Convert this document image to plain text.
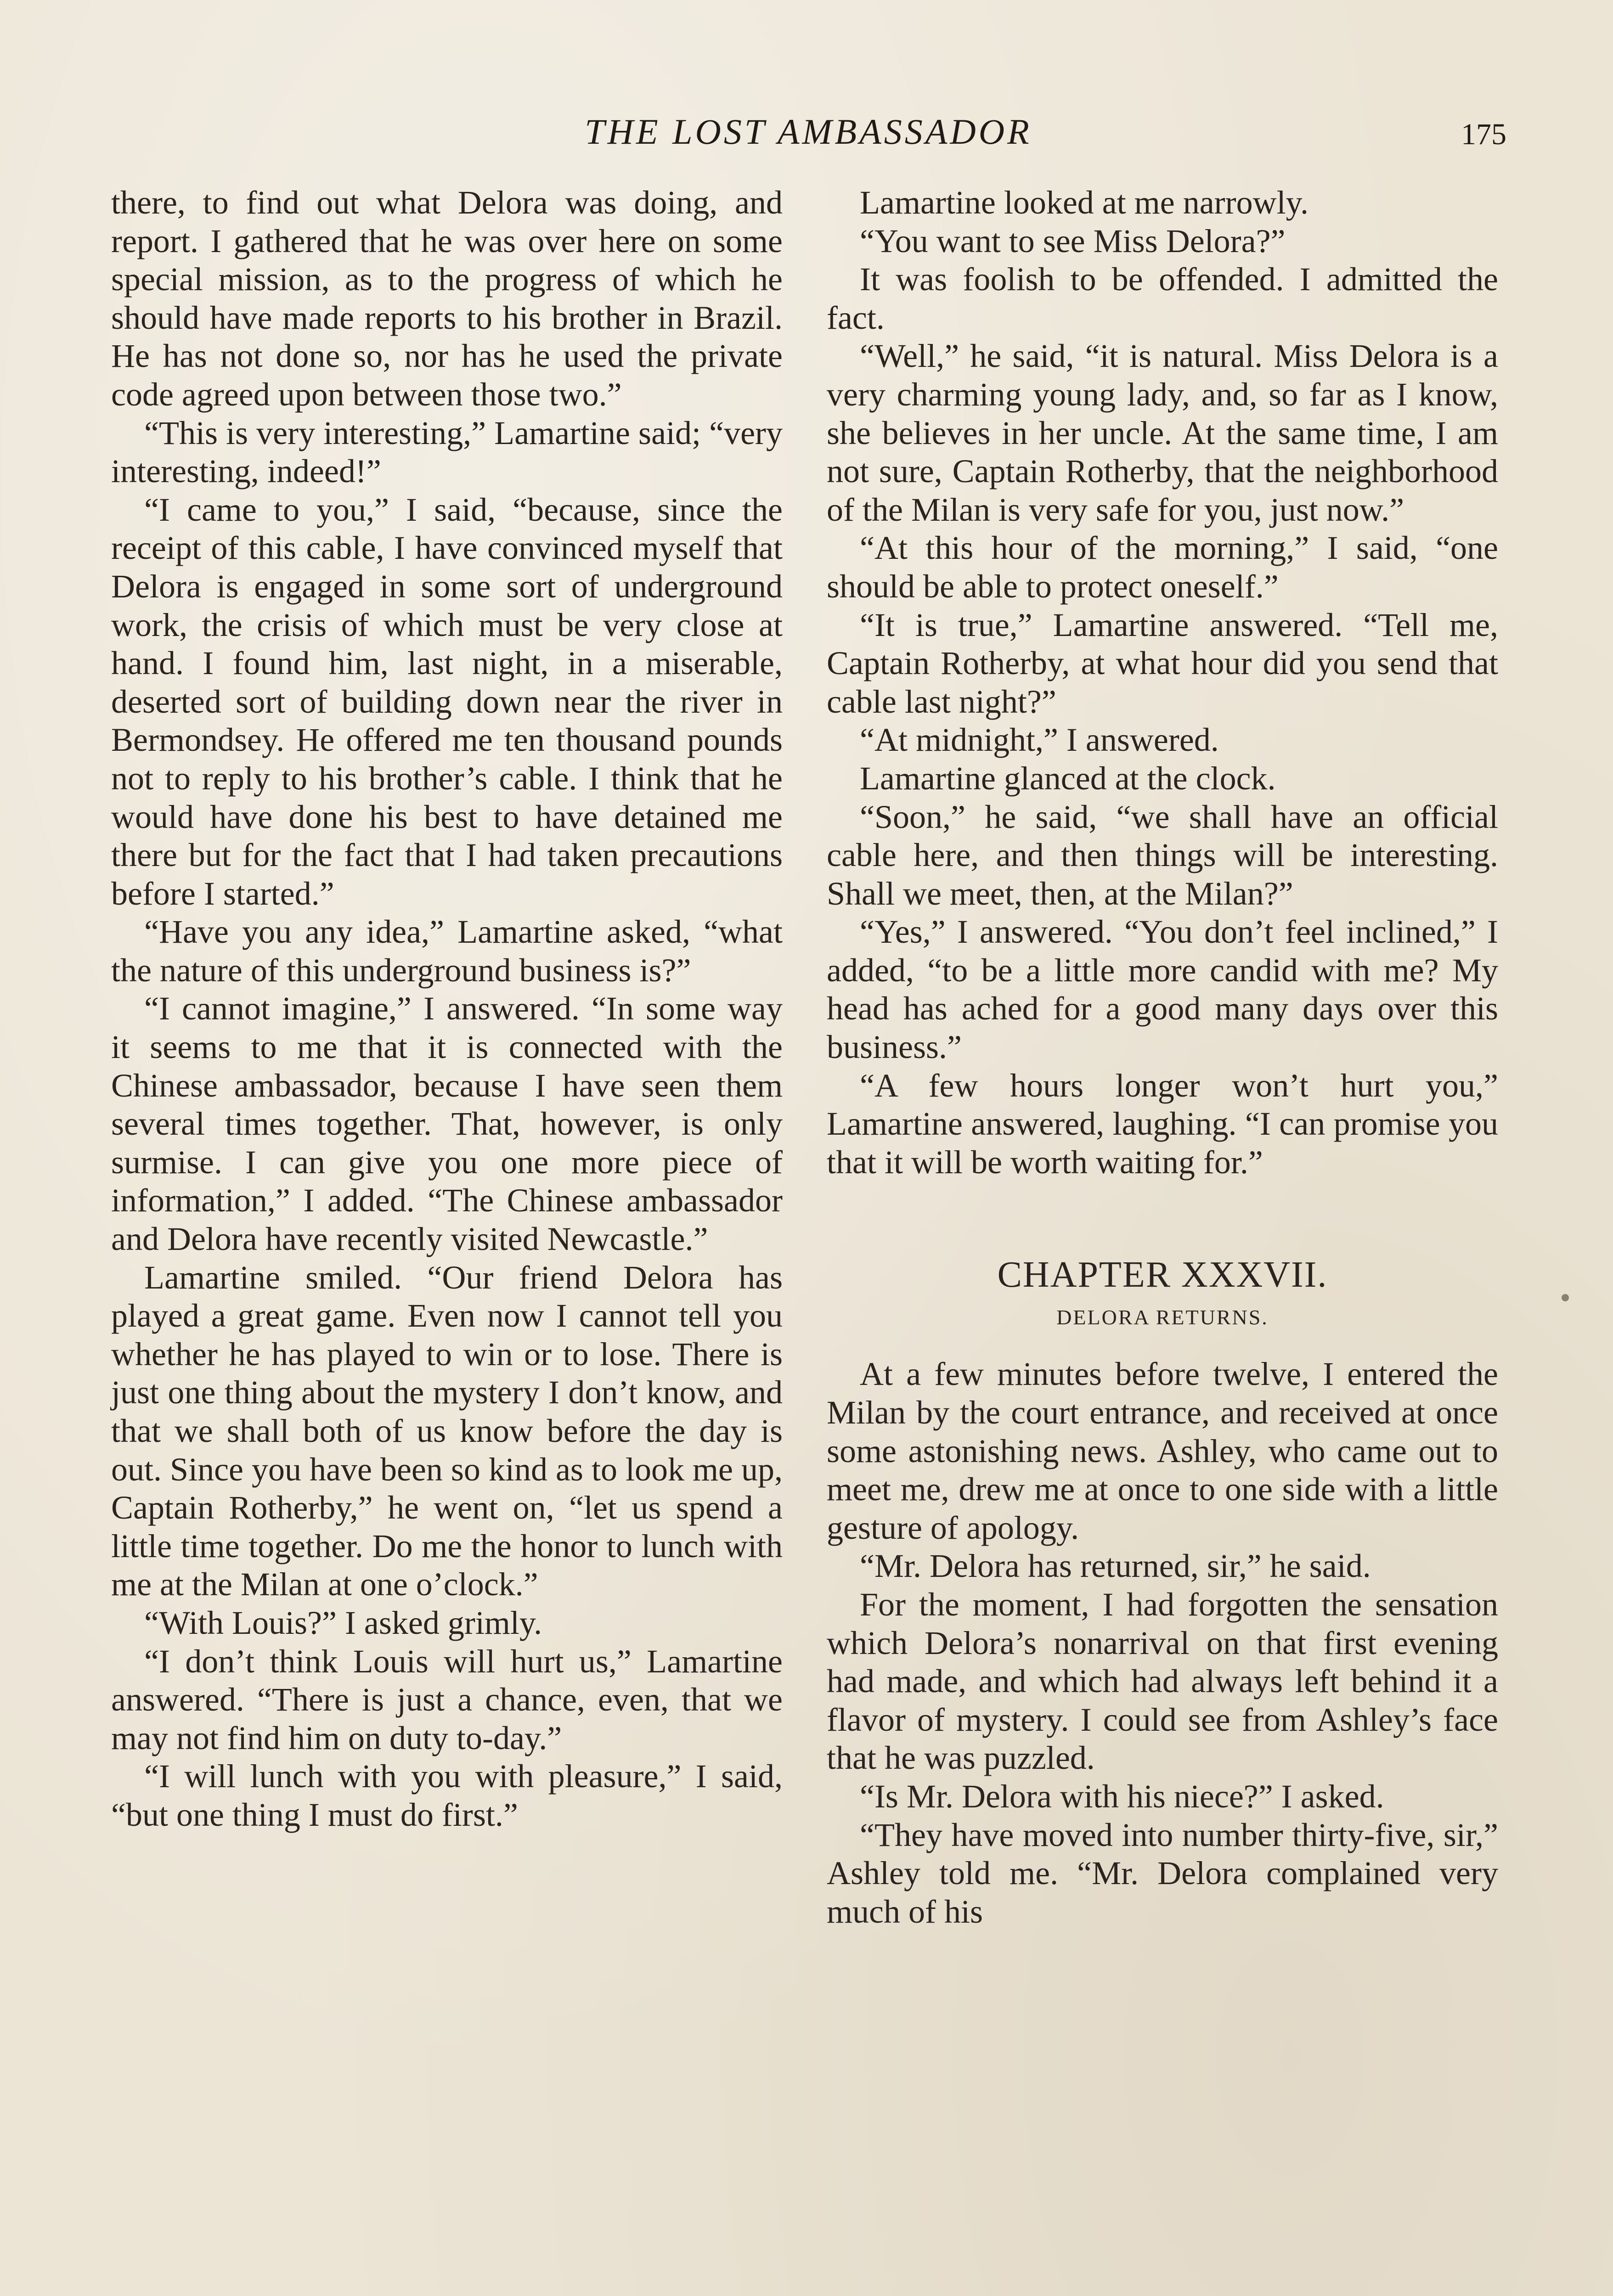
THE LOST AMBASSADOR	175

there, to find out what Delora was doing, and report. I gathered that he was over here on some special mission, as to the progress of which he should have made reports to his brother in Brazil. He has not done so, nor has he used the private code agreed upon between those two.”

“This is very interesting,” Lamartine said; “very interesting, indeed!”

“I came to you,” I said, “because, since the receipt of this cable, I have convinced myself that Delora is engaged in some sort of underground work, the crisis of which must be very close at hand. I found him, last night, in a miserable, deserted sort of building down near the river in Bermondsey. He offered me ten thousand pounds not to reply to his brother’s cable. I think that he would have done his best to have detained me there but for the fact that I had taken precautions before I started.”

“Have you any idea,” Lamartine asked, “what the nature of this underground business is?”

“I cannot imagine,” I answered. “In some way it seems to me that it is connected with the Chinese ambassador, because I have seen them several times together. That, however, is only surmise. I can give you one more piece of information,” I added. “The Chinese ambassador and Delora have recently visited Newcastle.”

Lamartine smiled. “Our friend Delora has played a great game. Even now I cannot tell you whether he has played to win or to lose. There is just one thing about the mystery I don’t know, and that we shall both of us know before the day is out. Since you have been so kind as to look me up, Captain Rotherby,” he went on, “let us spend a little time together. Do me the honor to lunch with me at the Milan at one o’clock.”

“With Louis?” I asked grimly.

“I don’t think Louis will hurt us,” Lamartine answered. “There is just a chance, even, that we may not find him on duty to-day.”

“I will lunch with you with pleasure,” I said, “but one thing I must do first.”

Lamartine looked at me narrowly.

“You want to see Miss Delora?”

It was foolish to be offended. I admitted the fact.

“Well,” he said, “it is natural. Miss Delora is a very charming young lady, and, so far as I know, she believes in her uncle. At the same time, I am not sure, Captain Rotherby, that the neighborhood of the Milan is very safe for you, just now.”

“At this hour of the morning,” I said, “one should be able to protect oneself.”

“It is true,” Lamartine answered. “Tell me, Captain Rotherby, at what hour did you send that cable last night?”

“At midnight,” I answered.

Lamartine glanced at the clock.

“Soon,” he said, “we shall have an official cable here, and then things will be interesting. Shall we meet, then, at the Milan?”

“Yes,” I answered. “You don’t feel inclined,” I added, “to be a little more candid with me? My head has ached for a good many days over this business.”

“A few hours longer won’t hurt you,” Lamartine answered, laughing. “I can promise you that it will be worth waiting for.”

CHAPTER XXXVII.
DELORA RETURNS.

At a few minutes before twelve, I entered the Milan by the court entrance, and received at once some astonishing news. Ashley, who came out to meet me, drew me at once to one side with a little gesture of apology.

“Mr. Delora has returned, sir,” he said.

For the moment, I had forgotten the sensation which Delora’s nonarrival on that first evening had made, and which had always left behind it a flavor of mystery. I could see from Ashley’s face that he was puzzled.

“Is Mr. Delora with his niece?” I asked.

“They have moved into number thirty-five, sir,” Ashley told me. “Mr. Delora complained very much of his
